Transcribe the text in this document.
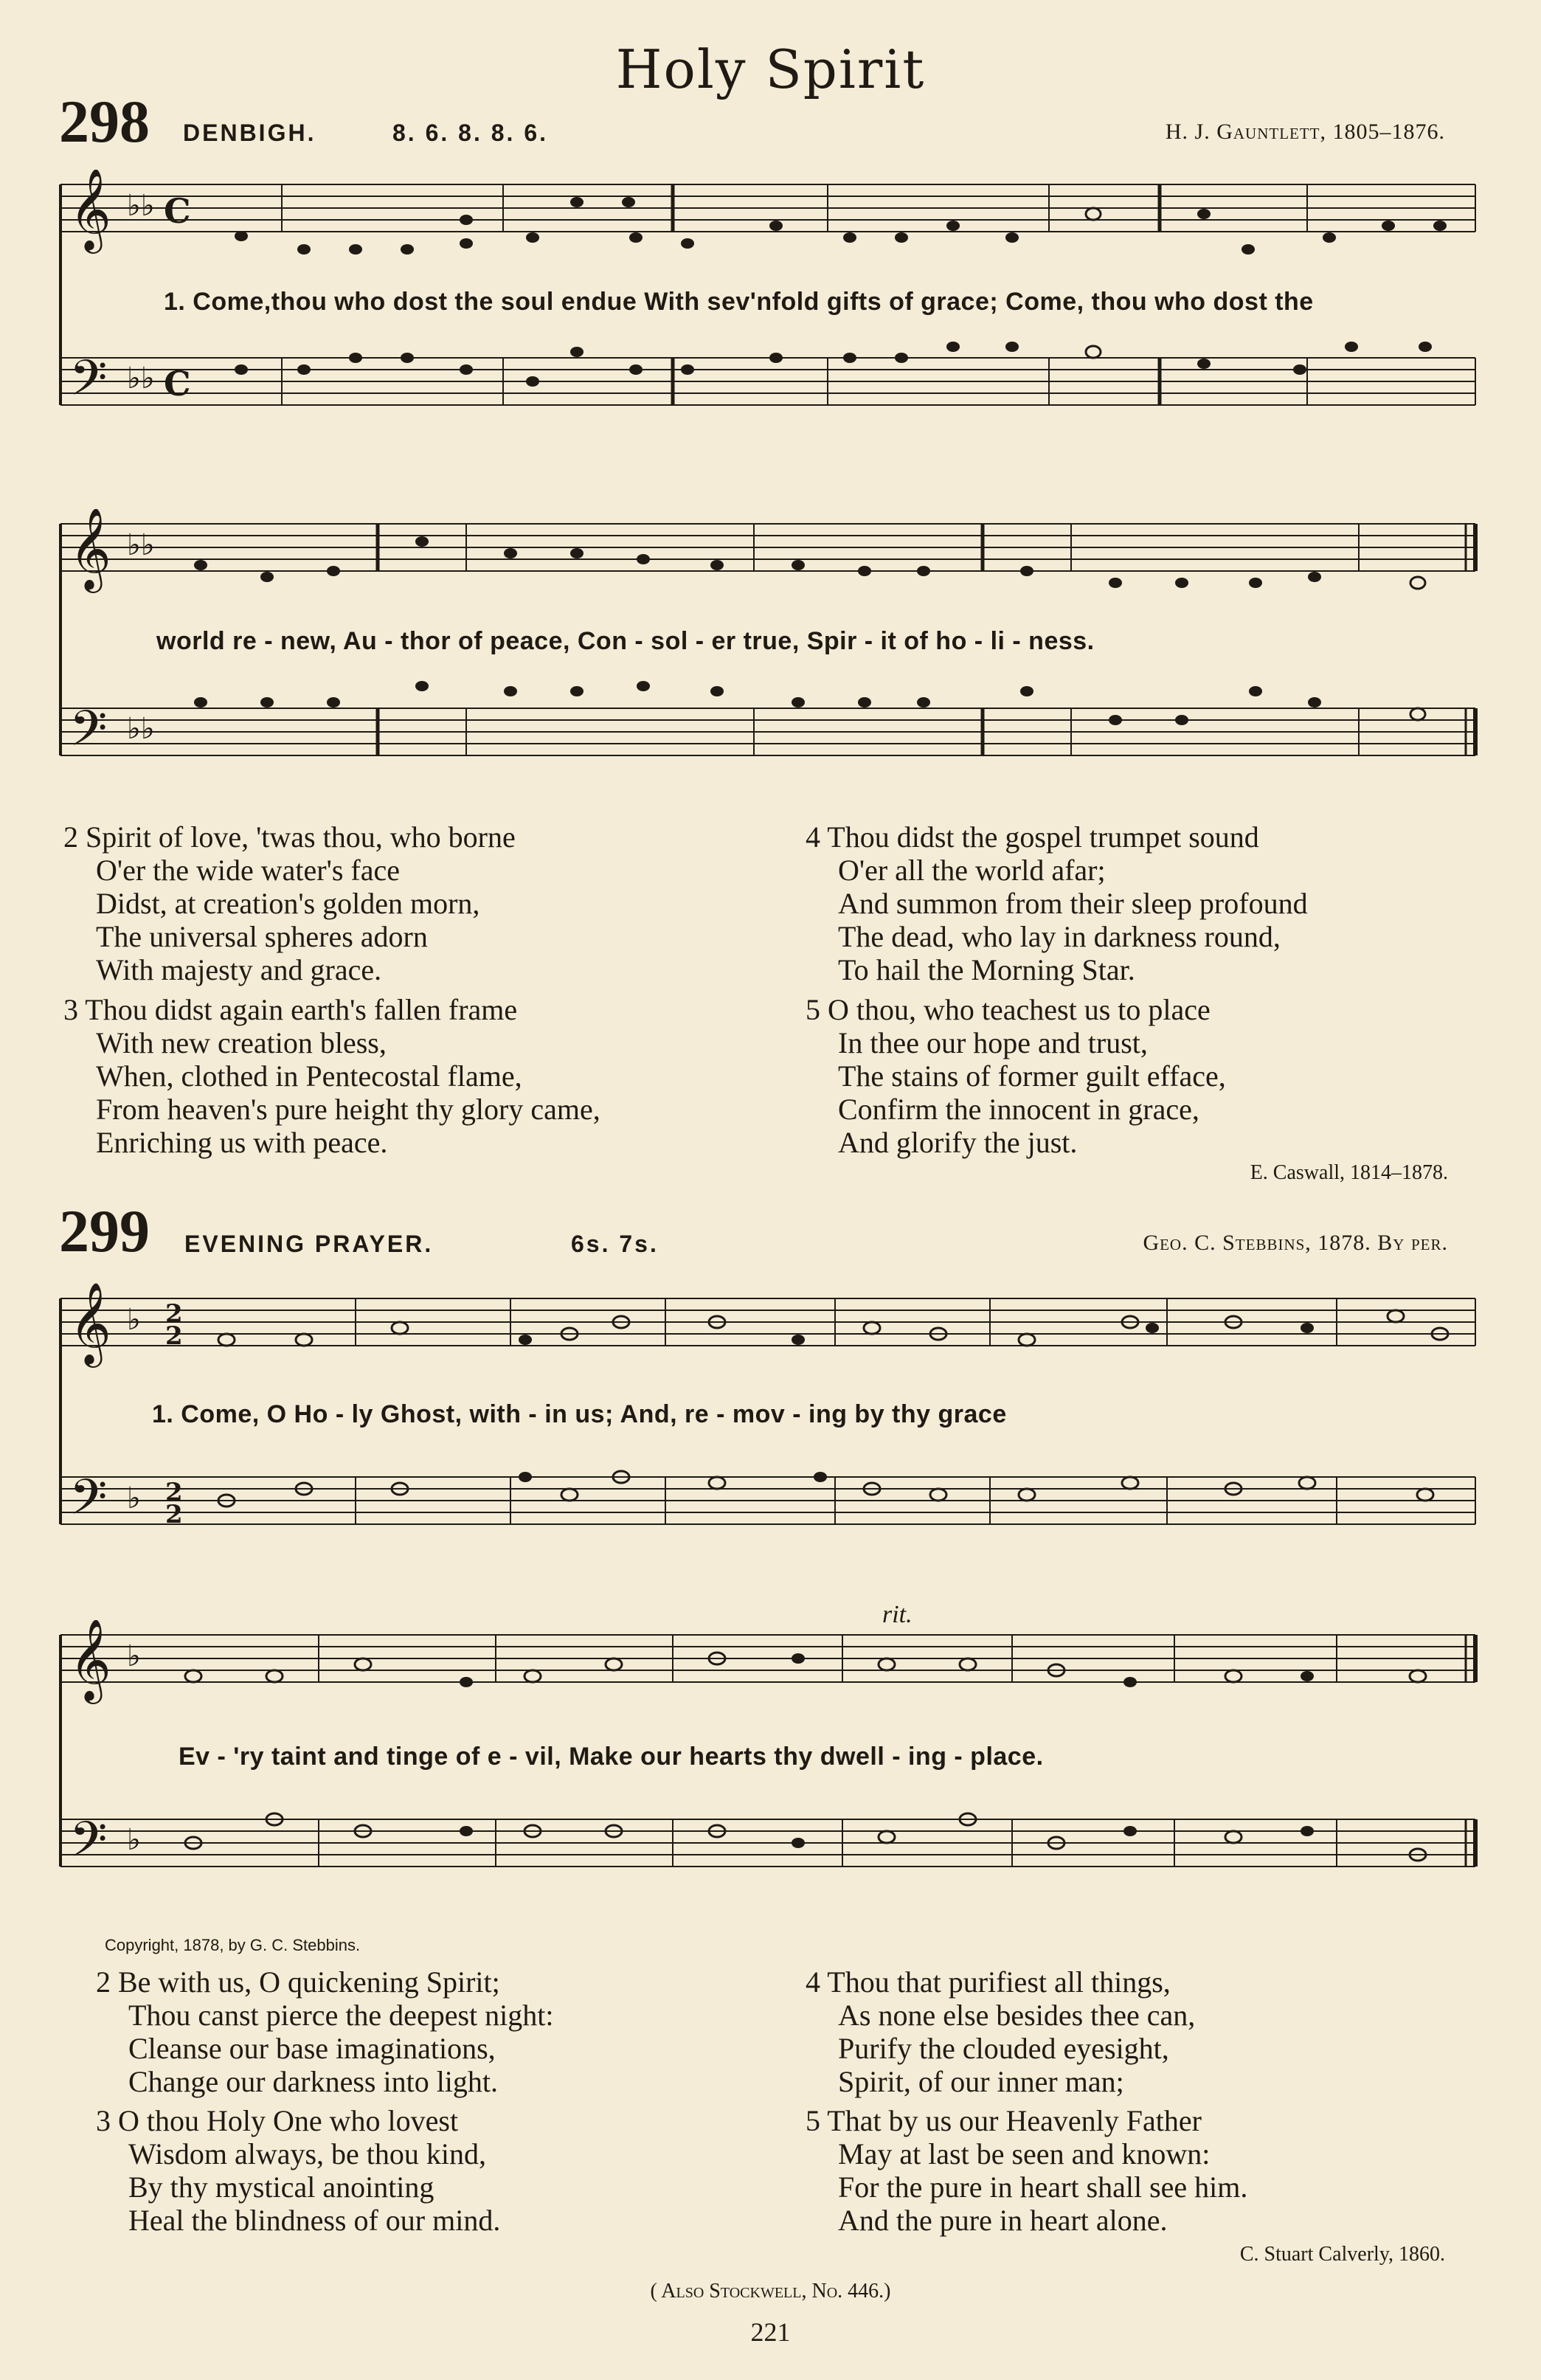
Holy Spirit
298 DENBIGH.	8. 6. 8. 8. 6.	H. J. Gauntlett, 1805–1876.
𝄞
𝄢
♭♭
♭♭
C
C
1. Come,thou who dost the soul endue With sev'nfold gifts of grace; Come, thou who dost the
𝄞
𝄢
♭♭
♭♭
world re - new, Au - thor of peace, Con - sol - er true, Spir - it of ho - li - ness.
2 Spirit of love, 'twas thou, who borne
O'er the wide water's face
Didst, at creation's golden morn,
The universal spheres adorn
With majesty and grace.
3 Thou didst again earth's fallen frame
With new creation bless,
When, clothed in Pentecostal flame,
From heaven's pure height thy glory came,
Enriching us with peace.
4 Thou didst the gospel trumpet sound
O'er all the world afar;
And summon from their sleep profound
The dead, who lay in darkness round,
To hail the Morning Star.
5 O thou, who teachest us to place
In thee our hope and trust,
The stains of former guilt efface,
Confirm the innocent in grace,
And glorify the just.
E. Caswall, 1814–1878.
299 EVENING PRAYER.	6s. 7s.	Geo. C. Stebbins, 1878. By per.
𝄞
𝄢
♭
♭
2
2
2
2
1. Come, O Ho - ly Ghost, with - in us; And, re - mov - ing by thy grace
rit.
𝄞
𝄢
♭
♭
Ev - 'ry taint and tinge of e - vil, Make our hearts thy dwell - ing - place.
Copyright, 1878, by G. C. Stebbins.
2 Be with us, O quickening Spirit;
Thou canst pierce the deepest night:
Cleanse our base imaginations,
Change our darkness into light.
3 O thou Holy One who lovest
Wisdom always, be thou kind,
By thy mystical anointing
Heal the blindness of our mind.
4 Thou that purifiest all things,
As none else besides thee can,
Purify the clouded eyesight,
Spirit, of our inner man;
5 That by us our Heavenly Father
May at last be seen and known:
For the pure in heart shall see him.
And the pure in heart alone.
C. Stuart Calverly, 1860.
( Also Stockwell, No. 446.)
221
